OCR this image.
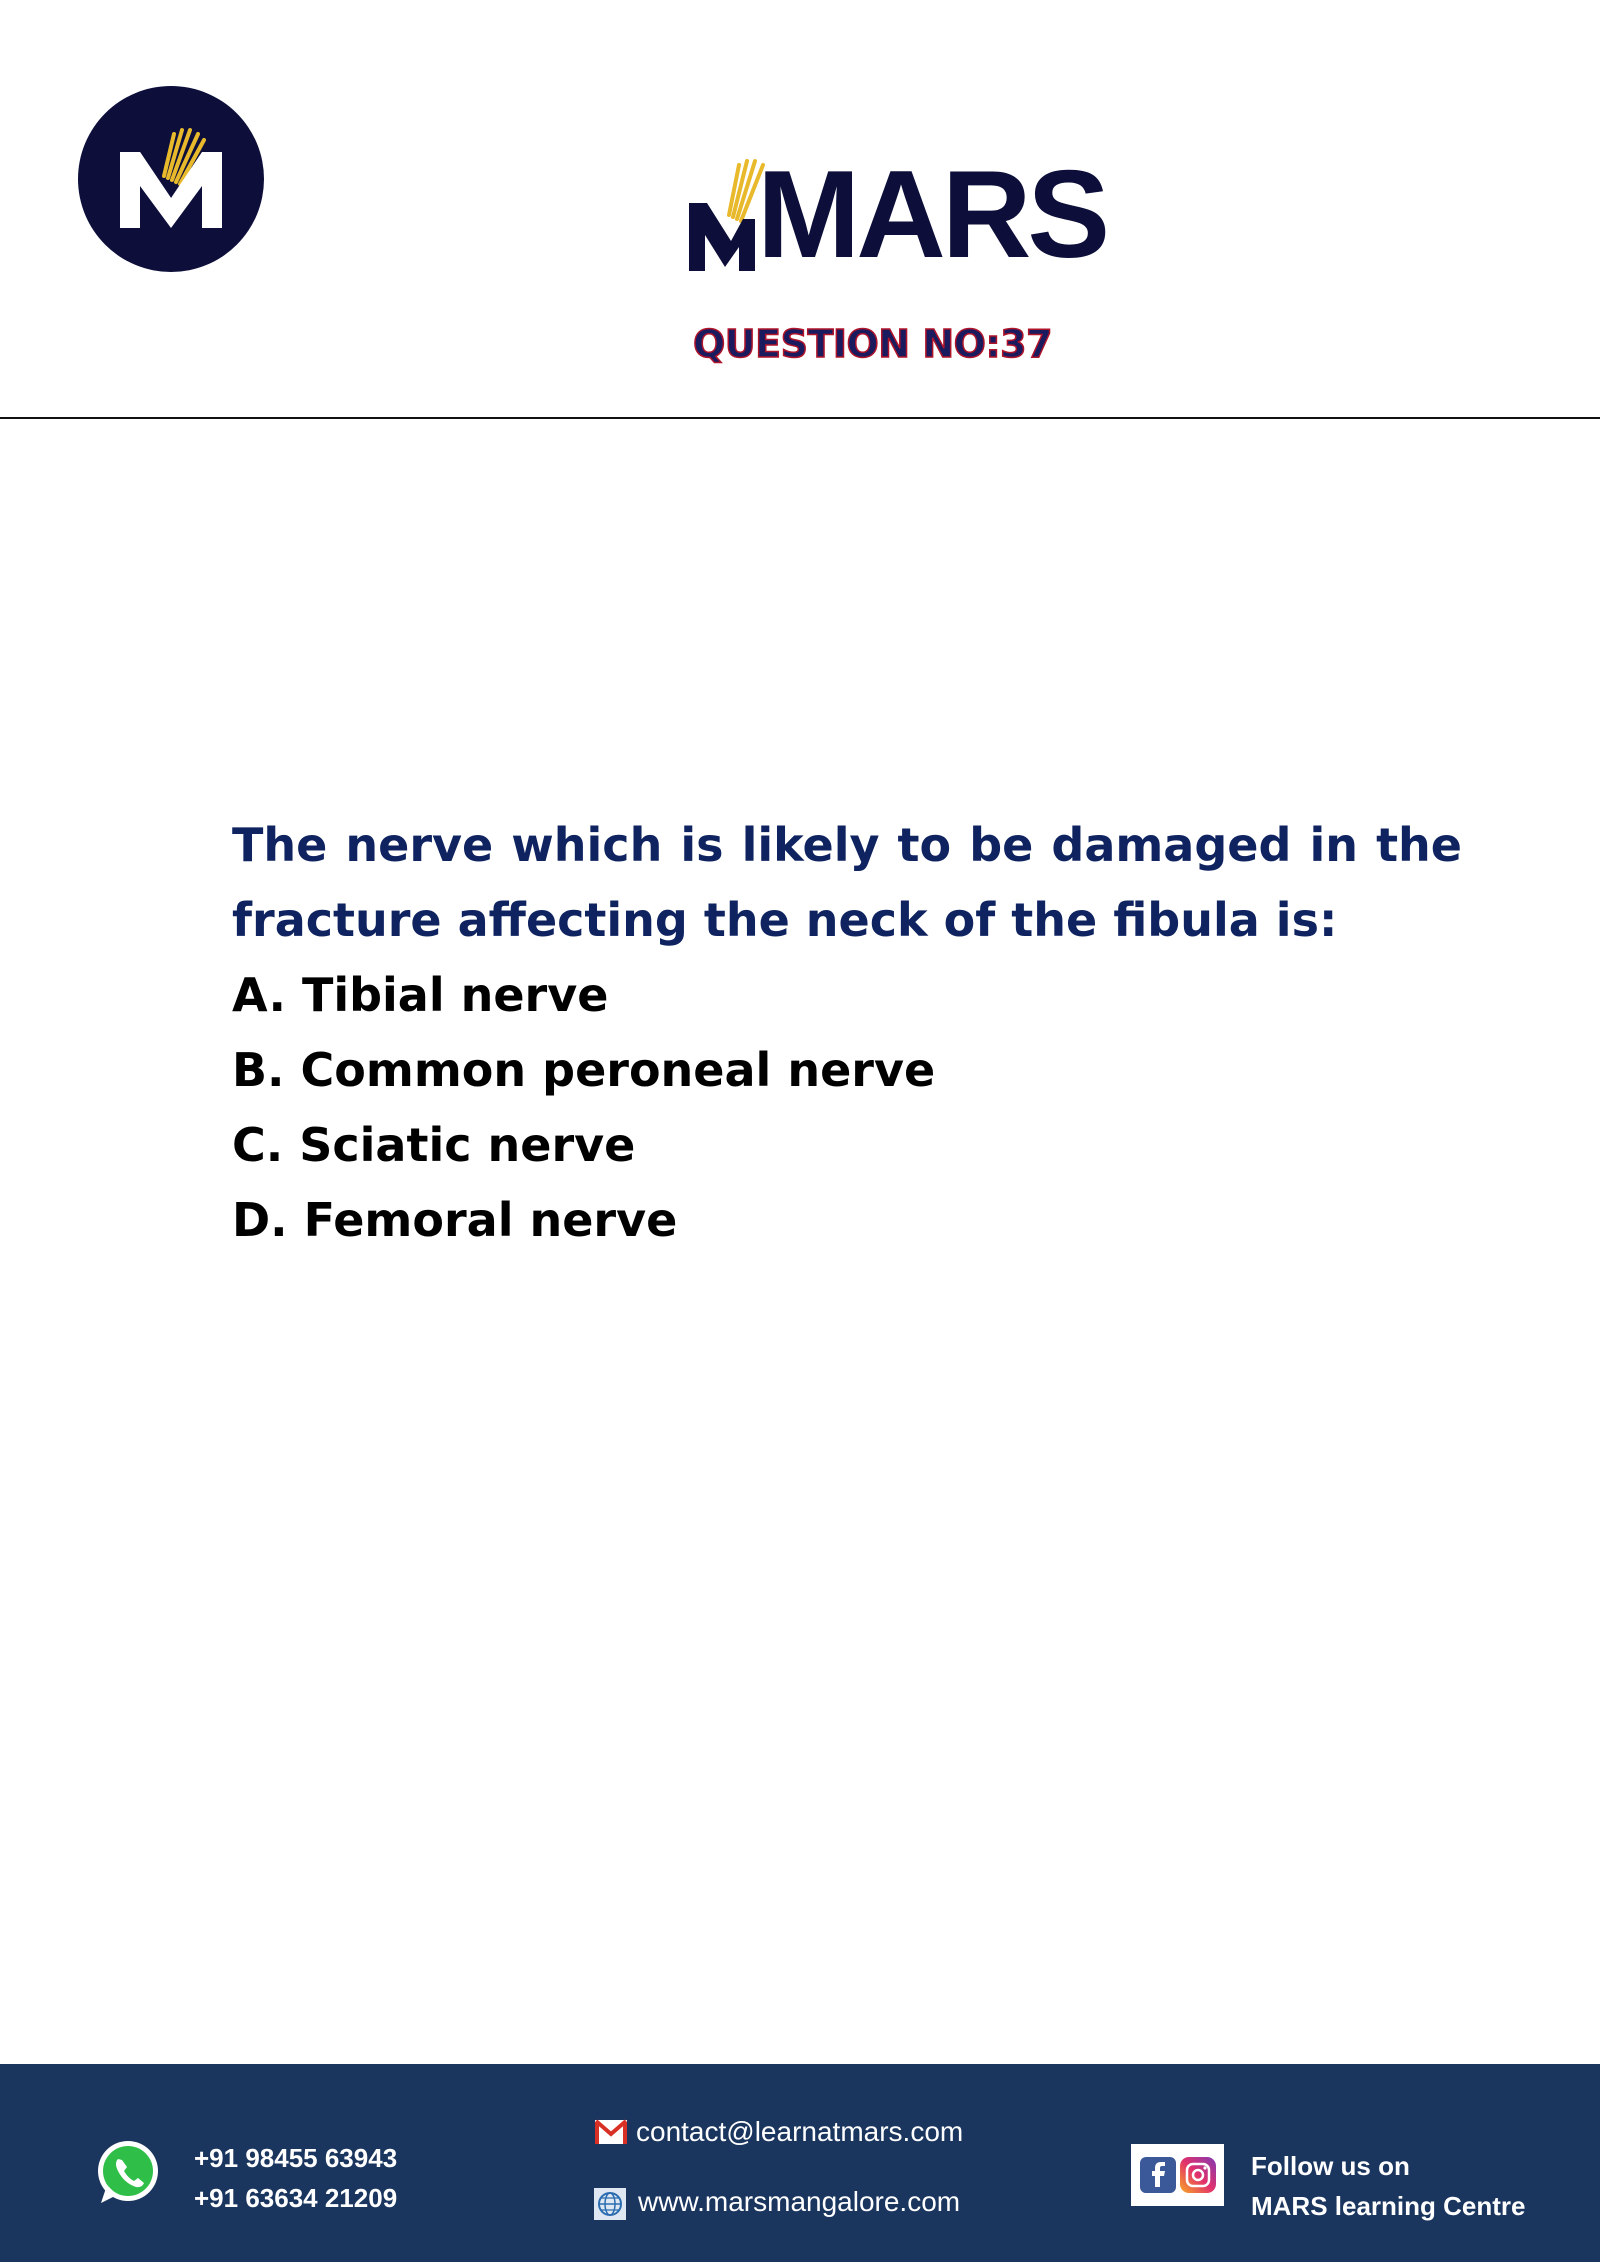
MARS
QUESTION NO:37

The nerve which is likely to be damaged in the fracture affecting the neck of the fibula is:

A. Tibial nerve

B. Common peroneal nerve

C. Sciatic nerve

D. Femoral nerve

+91 98455 63943
+91 63634 21209
contact@learnatmars.com
www.marsmangalore.com
Follow us on
MARS learning Centre
